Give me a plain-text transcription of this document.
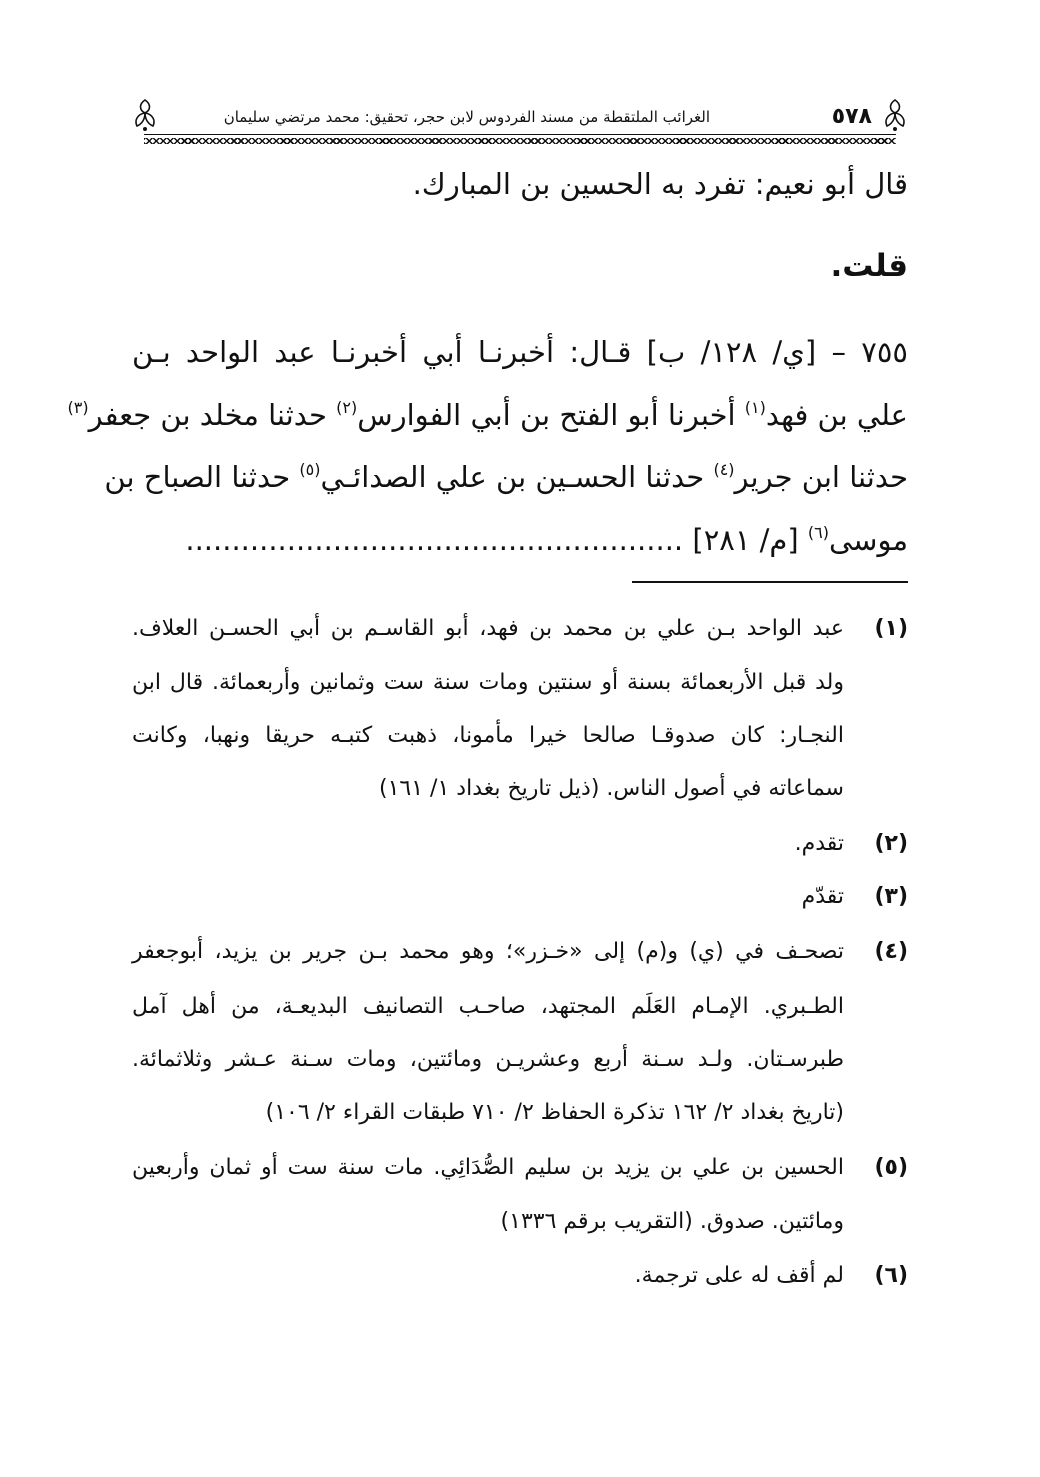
٥٧٨
الغرائب الملتقطة من مسند الفردوس لابن حجر، تحقيق: محمد مرتضي سليمان
قال أبو نعيم: تفرد به الحسين بن المبارك.
قلت.
٧٥٥ – [ي/ ١٢٨/ ب] قـال: أخبرنـا أبي أخبرنـا عبد الواحد بـن
علي بن فهد$^{(١)}$ أخبرنا أبو الفتح بن أبي الفوارس$^{(٢)}$ حدثنا مخلد بن جعفر$^{(٣)}$
حدثنا ابن جرير$^{(٤)}$ حدثنا الحسـين بن علي الصدائـي$^{(٥)}$ حدثنا الصباح بن
موسى$^{(٦)}$ [م/ ٢٨١] ......................................................
(١)
عبد الواحد بـن علي بن محمد بن فهد، أبو القاسـم بن أبي الحسـن العلاف.
ولد قبل الأربعمائة بسنة أو سنتين ومات سنة ست وثمانين وأربعمائة. قال ابن
النجـار: كان صدوقـا صالحا خيرا مأمونا، ذهبت كتبـه حريقا ونهبا، وكانت
سماعاته في أصول الناس. (ذيل تاريخ بغداد ١/ ١٦١)
(٢)
تقدم.
(٣)
تقدّم
(٤)
تصحـف في (ي) و(م) إلى «خـزر»؛ وهو محمد بـن جرير بن يزيد، أبوجعفر
الطـبري. الإمـام العَلَم المجتهد، صاحـب التصانيف البديعـة، من أهل آمل
طبرسـتان. ولـد سـنة أربع وعشريـن ومائتين، ومات سـنة عـشر وثلاثمائة.
(تاريخ بغداد ٢/ ١٦٢ تذكرة الحفاظ ٢/ ٧١٠ طبقات القراء ٢/ ١٠٦)
(٥)
الحسين بن علي بن يزيد بن سليم الصُّدَائِي. مات سنة ست أو ثمان وأربعين
ومائتين. صدوق. (التقريب برقم ١٣٣٦)
(٦)
لم أقف له على ترجمة.
